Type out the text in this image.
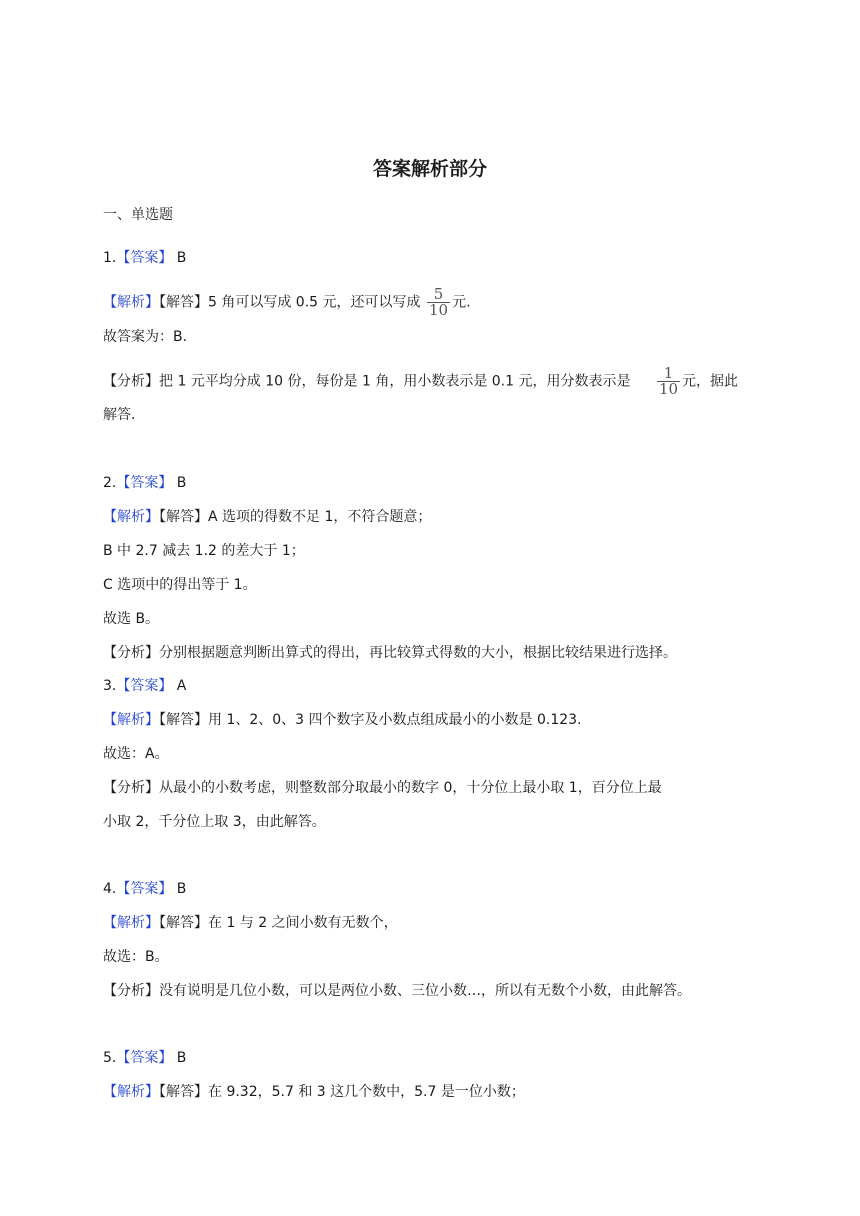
答案解析部分
一、单选题
1.【答案】 B
【解析】【解答】5 角可以写成 0.5 元，还可以写成 $\frac{5}{10}$ 元.
故答案为：B.
【分析】把 1 元平均分成 10 份，每份是 1 角，用小数表示是 0.1 元，用分数表示是 $\frac{1}{10}$ 元，据此
解答.
2.【答案】 B
【解析】【解答】A 选项的得数不足 1，不符合题意；
B 中 2.7 减去 1.2 的差大于 1；
C 选项中的得出等于 1。
故选 B。
【分析】分别根据题意判断出算式的得出，再比较算式得数的大小，根据比较结果进行选择。
3.【答案】 A
【解析】【解答】用 1、2、0、3 四个数字及小数点组成最小的小数是 0.123.
故选：A。
【分析】从最小的小数考虑，则整数部分取最小的数字 0，十分位上最小取 1，百分位上最
小取 2，千分位上取 3，由此解答。
4.【答案】 B
【解析】【解答】在 1 与 2 之间小数有无数个，
故选：B。
【分析】没有说明是几位小数，可以是两位小数、三位小数…，所以有无数个小数，由此解答。
5.【答案】 B
【解析】【解答】在 9.32，5.7 和 3 这几个数中，5.7 是一位小数；
